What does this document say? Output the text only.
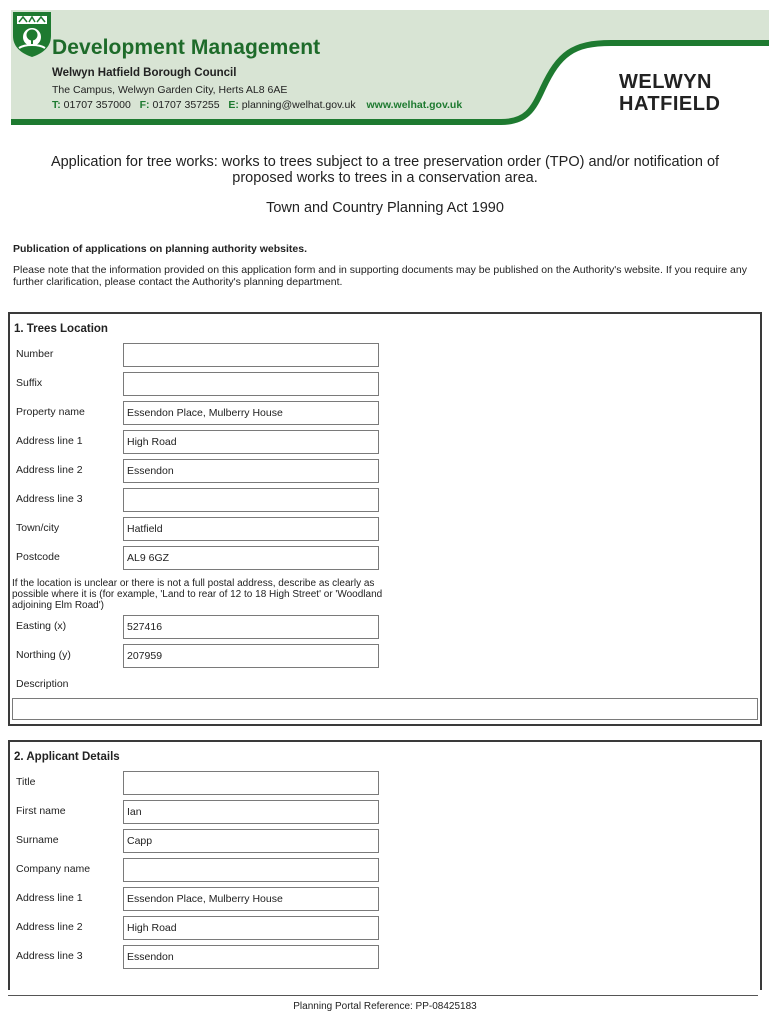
Development Management
Welwyn Hatfield Borough Council
The Campus, Welwyn Garden City, Herts AL8 6AE
T: 01707 357000 F: 01707 357255 E: planning@welhat.gov.uk www.welhat.gov.uk
WELWYN
HATFIELD
Application for tree works: works to trees subject to a tree preservation order (TPO) and/or notification of proposed works to trees in a conservation area.
Town and Country Planning Act 1990
Publication of applications on planning authority websites.
Please note that the information provided on this application form and in supporting documents may be published on the Authority's website. If you require any further clarification, please contact the Authority's planning department.
1. Trees Location
Number
Suffix
Property name	Essendon Place, Mulberry House
Address line 1	High Road
Address line 2	Essendon
Address line 3
Town/city	Hatfield
Postcode	AL9 6GZ
If the location is unclear or there is not a full postal address, describe as clearly as possible where it is (for example, 'Land to rear of 12 to 18 High Street' or 'Woodland adjoining Elm Road')
Easting (x)	527416
Northing (y)	207959
Description
2. Applicant Details
Title
First name	Ian
Surname	Capp
Company name
Address line 1	Essendon Place, Mulberry House
Address line 2	High Road
Address line 3	Essendon
Planning Portal Reference: PP-08425183
